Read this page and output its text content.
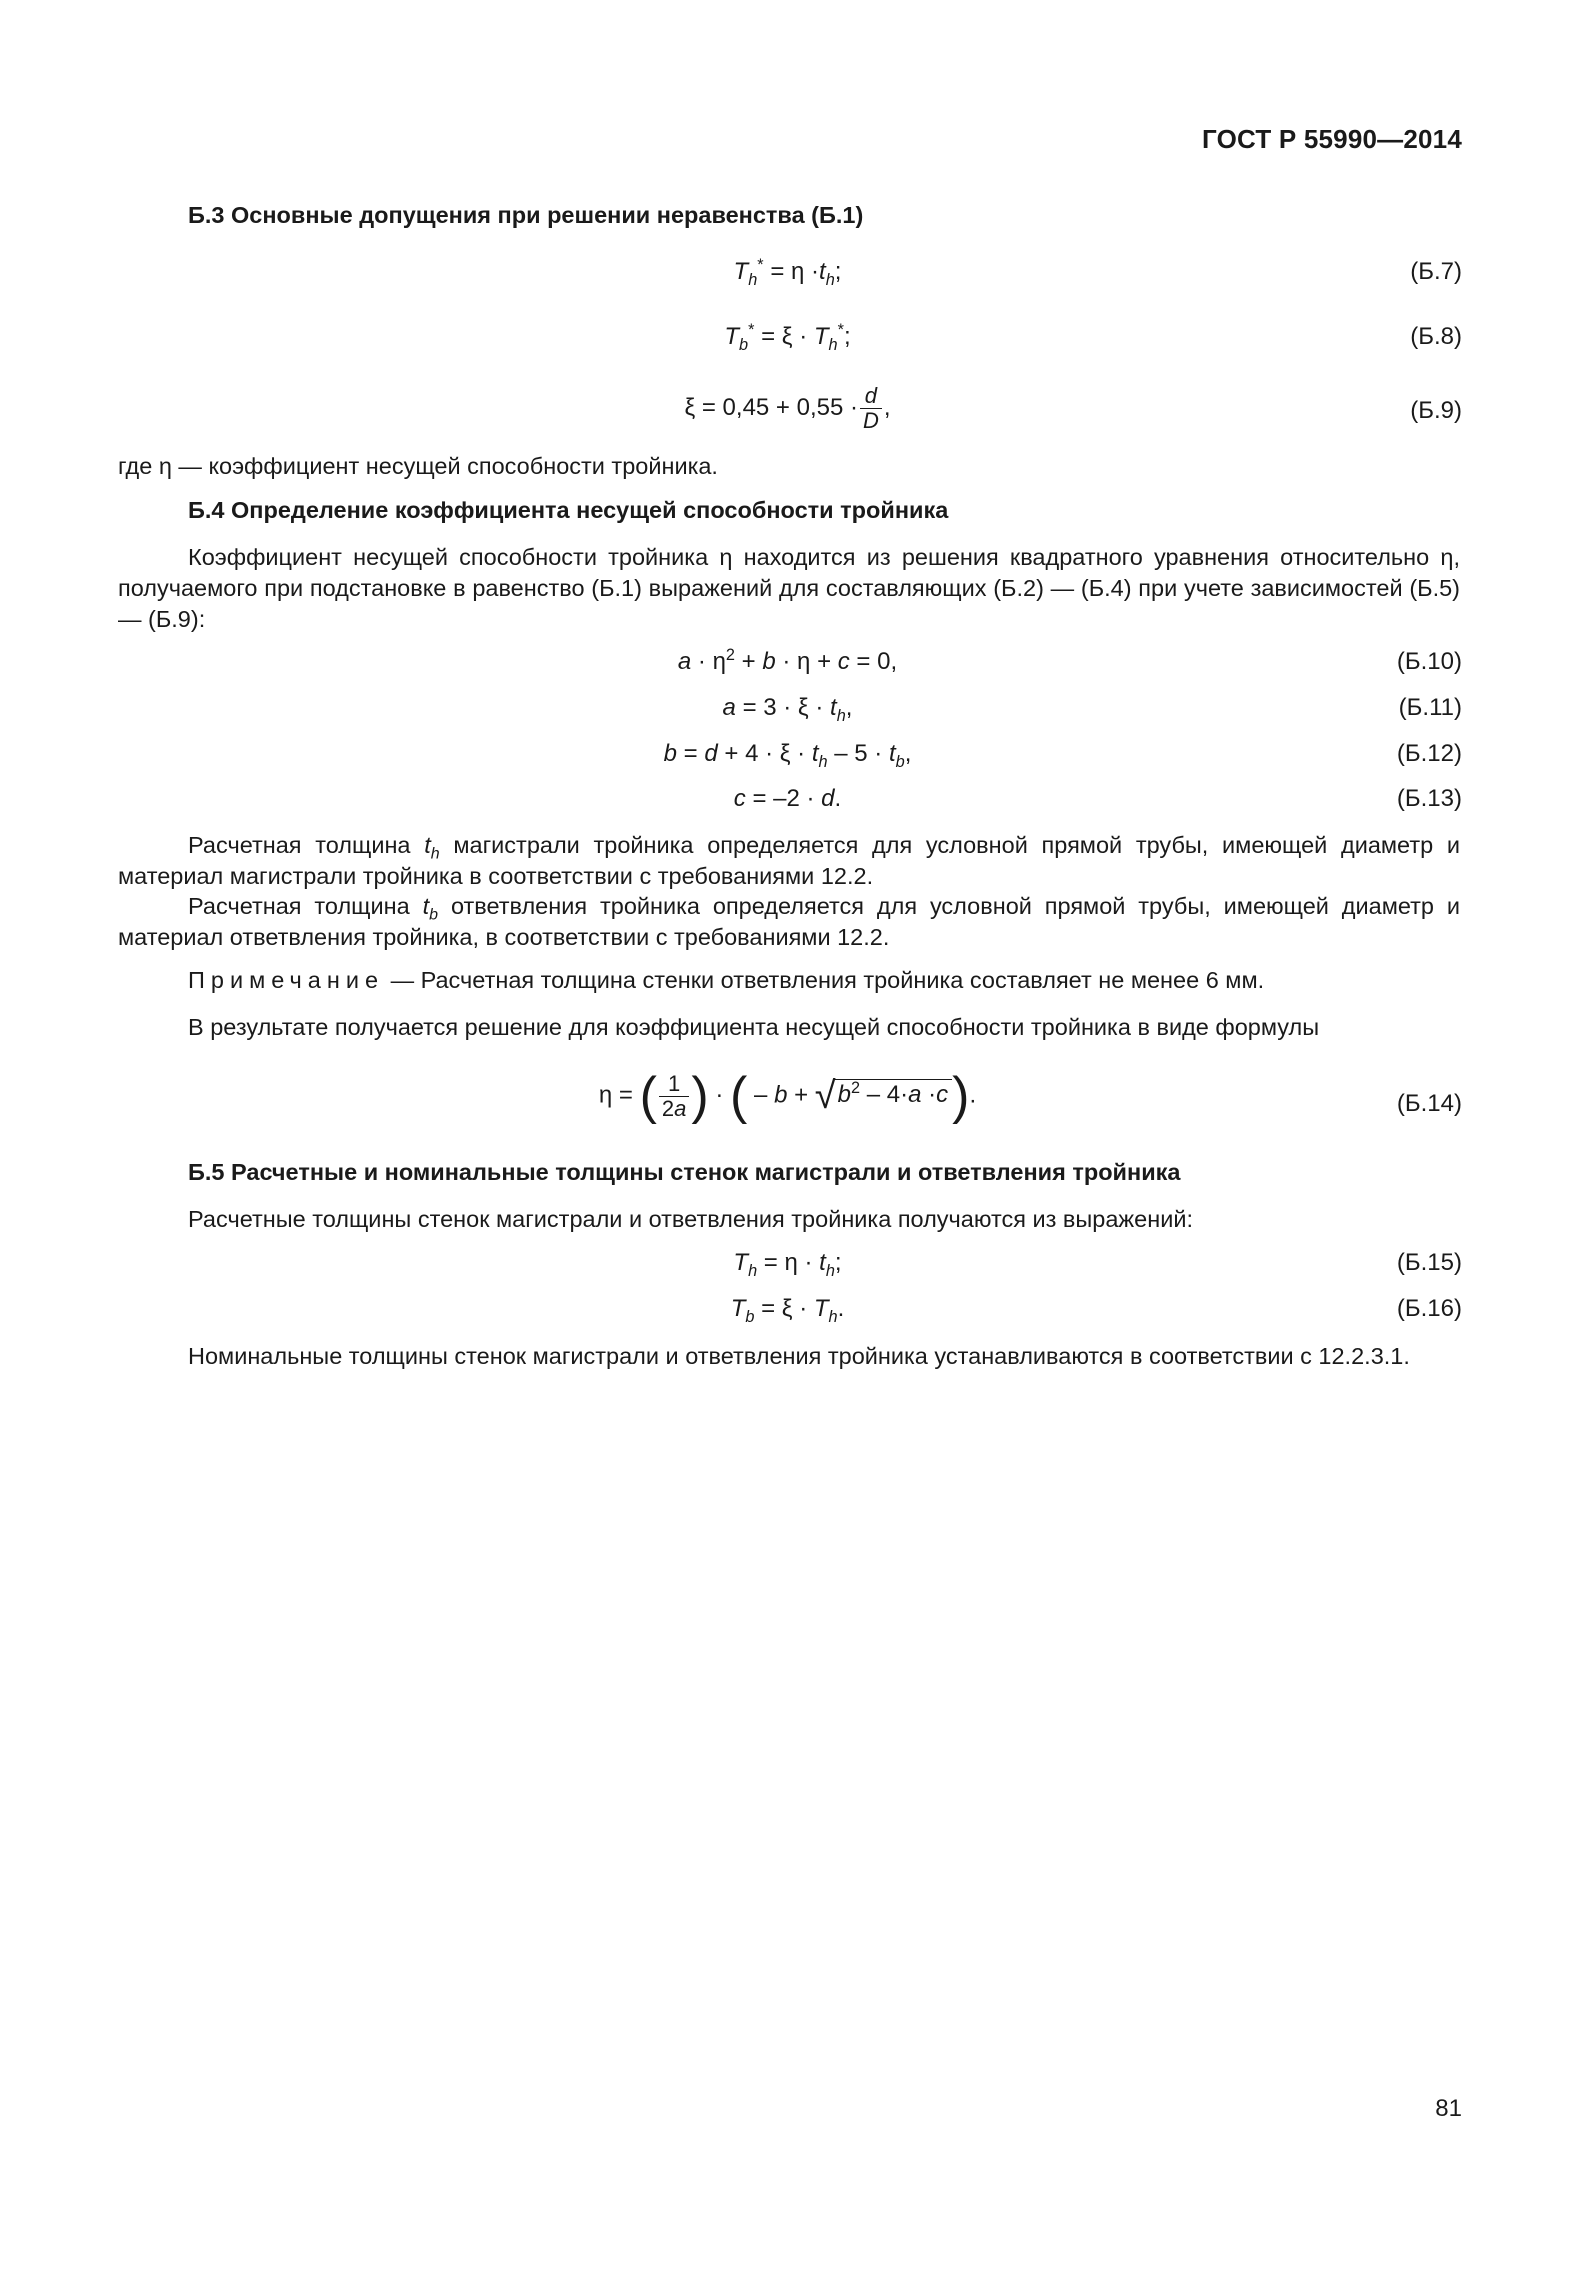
ГОСТ Р 55990—2014
Б.3 Основные допущения при решении неравенства (Б.1)
$T_h^* = \eta \cdot t_h$;	(Б.7)
$T_b^* = \xi \cdot T_h^*$;	(Б.8)
$\xi = 0,45 + 0,55 \cdot \frac{d}{D}$ ,	(Б.9)
где η — коэффициент несущей способности тройника.
Б.4 Определение коэффициента несущей способности тройника
Коэффициент несущей способности тройника η находится из решения квадратного уравнения относительно η, получаемого при подстановке в равенство (Б.1) выражений для составляющих (Б.2) — (Б.4) при учете зависимостей (Б.5) — (Б.9):
$a \cdot \eta^2 + b \cdot \eta + c = 0$,	(Б.10)
$a = 3 \cdot \xi \cdot t_h$,	(Б.11)
$b = d + 4 \cdot \xi \cdot t_h - 5 \cdot t_b$,	(Б.12)
c = –2 · d.	(Б.13)
Расчетная толщина $t_h$ магистрали тройника определяется для условной прямой трубы, имеющей диаметр и материал магистрали тройника в соответствии с требованиями 12.2.
Расчетная толщина $t_b$ ответвления тройника определяется для условной прямой трубы, имеющей диаметр и материал ответвления тройника, в соответствии с требованиями 12.2.
Примечание — Расчетная толщина стенки ответвления тройника составляет не менее 6 мм.
В результате получается решение для коэффициента несущей способности тройника в виде формулы
η = ( $\frac{1}{2a}$ ) · ( – $b + √b^2 - 4\cdot a \cdot c$).	(Б.14)
Б.5 Расчетные и номинальные толщины стенок магистрали и ответвления тройника
Расчетные толщины стенок магистрали и ответвления тройника получаются из выражений:
$T_h = \eta \cdot t_h$;	(Б.15)
$T_b = \xi \cdot T_h$.	(Б.16)
Номинальные толщины стенок магистрали и ответвления тройника устанавливаются в соответствии с 12.2.3.1.
81
